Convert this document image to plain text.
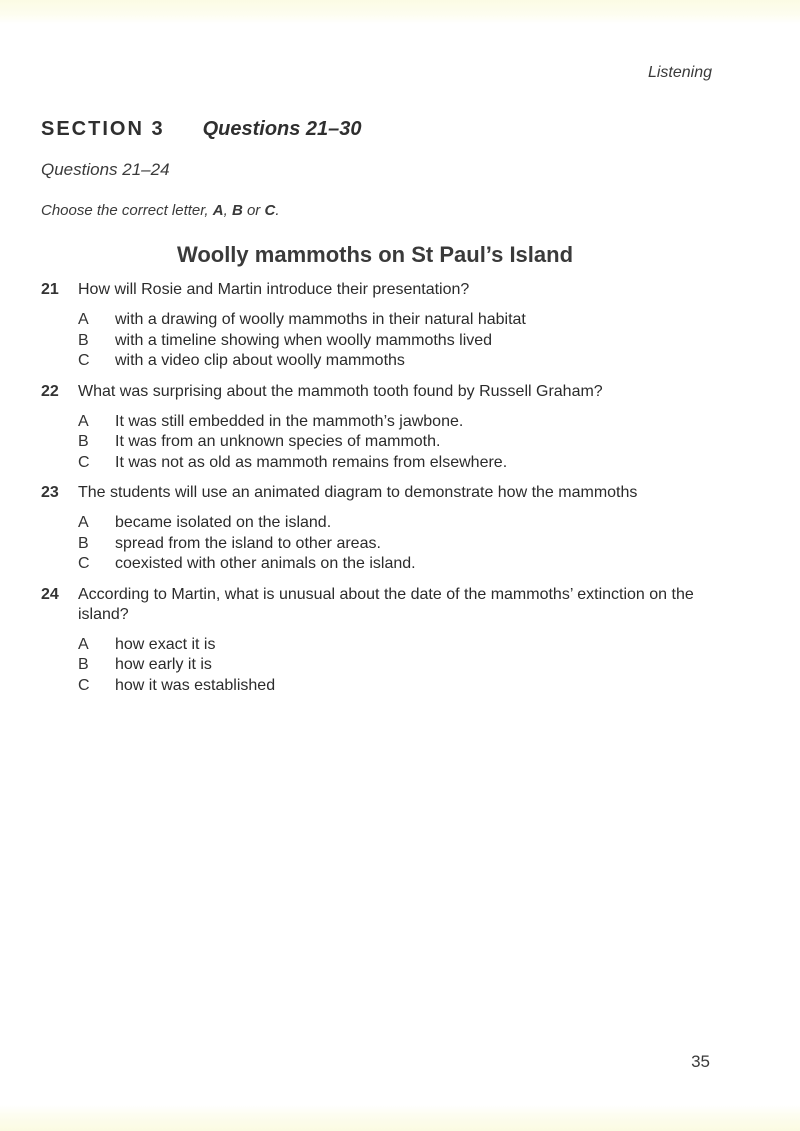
Listening
SECTION 3 Questions 21–30
Questions 21–24
Choose the correct letter, A, B or C.
Woolly mammoths on St Paul’s Island
21	How will Rosie and Martin introduce their presentation?
A	with a drawing of woolly mammoths in their natural habitat
B	with a timeline showing when woolly mammoths lived
C	with a video clip about woolly mammoths
22	What was surprising about the mammoth tooth found by Russell Graham?
A	It was still embedded in the mammoth’s jawbone.
B	It was from an unknown species of mammoth.
C	It was not as old as mammoth remains from elsewhere.
23	The students will use an animated diagram to demonstrate how the mammoths
A	became isolated on the island.
B	spread from the island to other areas.
C	coexisted with other animals on the island.
24	According to Martin, what is unusual about the date of the mammoths’ extinction on the island?
A	how exact it is
B	how early it is
C	how it was established
35
